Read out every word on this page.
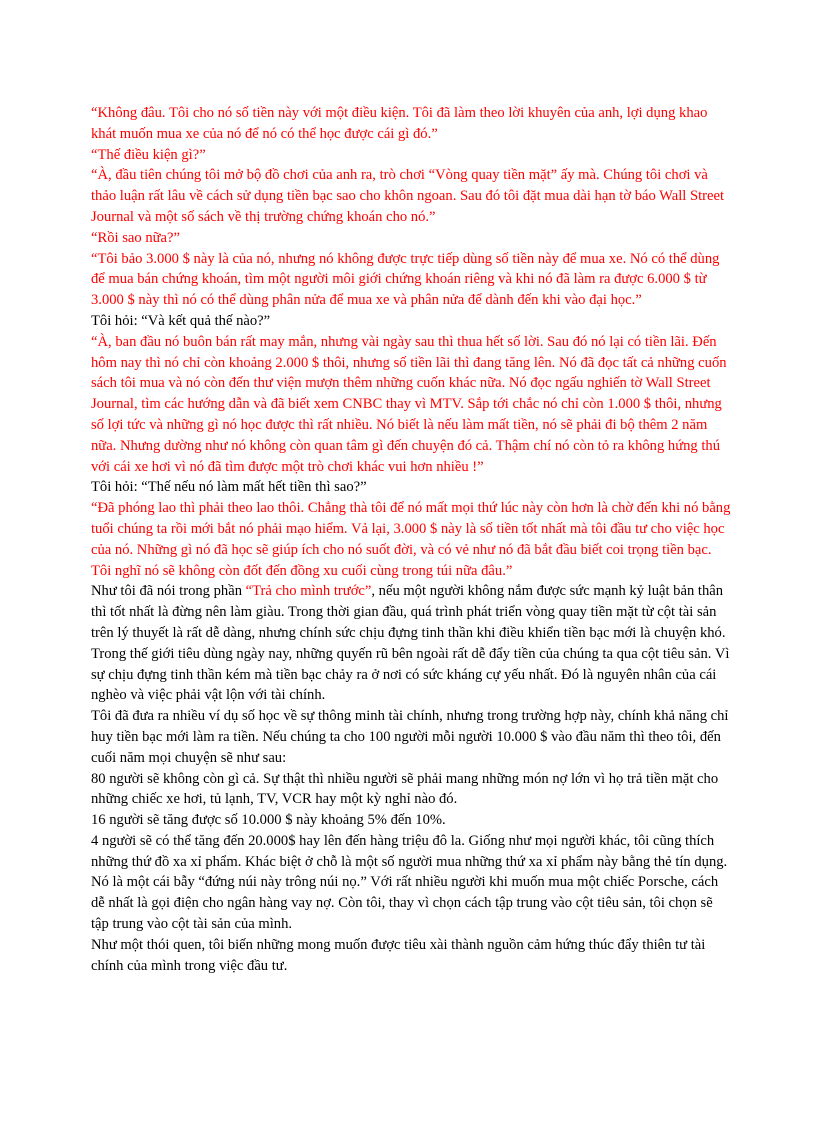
“Không đâu. Tôi cho nó số tiền này với một điều kiện. Tôi đã làm theo lời khuyên của anh, lợi dụng khao khát muốn mua xe của nó để nó có thể học được cái gì đó.”

“Thế điều kiện gì?”

“À, đầu tiên chúng tôi mở bộ đồ chơi của anh ra, trò chơi “Vòng quay tiền mặt” ấy mà. Chúng tôi chơi và thảo luận rất lâu về cách sử dụng tiền bạc sao cho khôn ngoan. Sau đó tôi đặt mua dài hạn tờ báo Wall Street Journal và một số sách về thị trường chứng khoán cho nó.”

“Rồi sao nữa?”

“Tôi bảo 3.000 $ này là của nó, nhưng nó không được trực tiếp dùng số tiền này để mua xe. Nó có thể dùng để mua bán chứng khoán, tìm một người môi giới chứng khoán riêng và khi nó đã làm ra được 6.000 $ từ 3.000 $ này thì nó có thể dùng phân nửa để mua xe và phân nửa để dành đến khi vào đại học.”

Tôi hỏi: “Và kết quả thế nào?”

“À, ban đầu nó buôn bán rất may mắn, nhưng vài ngày sau thì thua hết số lời. Sau đó nó lại có tiền lãi. Đến hôm nay thì nó chỉ còn khoảng 2.000 $ thôi, nhưng số tiền lãi thì đang tăng lên. Nó đã đọc tất cả những cuốn sách tôi mua và nó còn đến thư viện mượn thêm những cuốn khác nữa. Nó đọc ngấu nghiến tờ Wall Street Journal, tìm các hướng dẫn và đã biết xem CNBC thay vì MTV. Sắp tới chắc nó chỉ còn 1.000 $ thôi, nhưng số lợi tức và những gì nó học được thì rất nhiều. Nó biết là nếu làm mất tiền, nó sẽ phải đi bộ thêm 2 năm nữa. Nhưng dường như nó không còn quan tâm gì đến chuyện đó cả. Thậm chí nó còn tỏ ra không hứng thú với cái xe hơi vì nó đã tìm được một trò chơi khác vui hơn nhiều !”

Tôi hỏi: “Thế nếu nó làm mất hết tiền thì sao?”

“Đã phóng lao thì phải theo lao thôi. Chẳng thà tôi để nó mất mọi thứ lúc này còn hơn là chờ đến khi nó bằng tuổi chúng ta rồi mới bắt nó phải mạo hiểm. Vả lại, 3.000 $ này là số tiền tốt nhất mà tôi đầu tư cho việc học của nó. Những gì nó đã học sẽ giúp ích cho nó suốt đời, và có vẻ như nó đã bắt đầu biết coi trọng tiền bạc. Tôi nghĩ nó sẽ không còn đốt đến đồng xu cuối cùng trong túi nữa đâu.”

Như tôi đã nói trong phần “Trả cho mình trước”, nếu một người không nắm được sức mạnh kỷ luật bản thân thì tốt nhất là đừng nên làm giàu. Trong thời gian đầu, quá trình phát triển vòng quay tiền mặt từ cột tài sản trên lý thuyết là rất dễ dàng, nhưng chính sức chịu đựng tinh thần khi điều khiển tiền bạc mới là chuyện khó. Trong thế giới tiêu dùng ngày nay, những quyến rũ bên ngoài rất dễ đẩy tiền của chúng ta qua cột tiêu sản. Vì sự chịu đựng tinh thần kém mà tiền bạc chảy ra ở nơi có sức kháng cự yếu nhất. Đó là nguyên nhân của cái nghèo và việc phải vật lộn với tài chính.

Tôi đã đưa ra nhiều ví dụ số học về sự thông minh tài chính, nhưng trong trường hợp này, chính khả năng chỉ huy tiền bạc mới làm ra tiền. Nếu chúng ta cho 100 người mỗi người 10.000 $ vào đầu năm thì theo tôi, đến cuối năm mọi chuyện sẽ như sau:

80 người sẽ không còn gì cả. Sự thật thì nhiều người sẽ phải mang những món nợ lớn vì họ trả tiền mặt cho những chiếc xe hơi, tủ lạnh, TV, VCR hay một kỳ nghỉ nào đó.

16 người sẽ tăng được số 10.000 $ này khoảng 5% đến 10%.

4 người sẽ có thể tăng đến 20.000$ hay lên đến hàng triệu đô la. Giống như mọi người khác, tôi cũng thích những thứ đồ xa xỉ phẩm. Khác biệt ở chỗ là một số người mua những thứ xa xỉ phẩm này bằng thẻ tín dụng. Nó là một cái bẫy “đứng núi này trông núi nọ.” Với rất nhiều người khi muốn mua một chiếc Porsche, cách dễ nhất là gọi điện cho ngân hàng vay nợ. Còn tôi, thay vì chọn cách tập trung vào cột tiêu sản, tôi chọn sẽ tập trung vào cột tài sản của mình.

Như một thói quen, tôi biến những mong muốn được tiêu xài thành nguồn cảm hứng thúc đẩy thiên tư tài chính của mình trong việc đầu tư.
